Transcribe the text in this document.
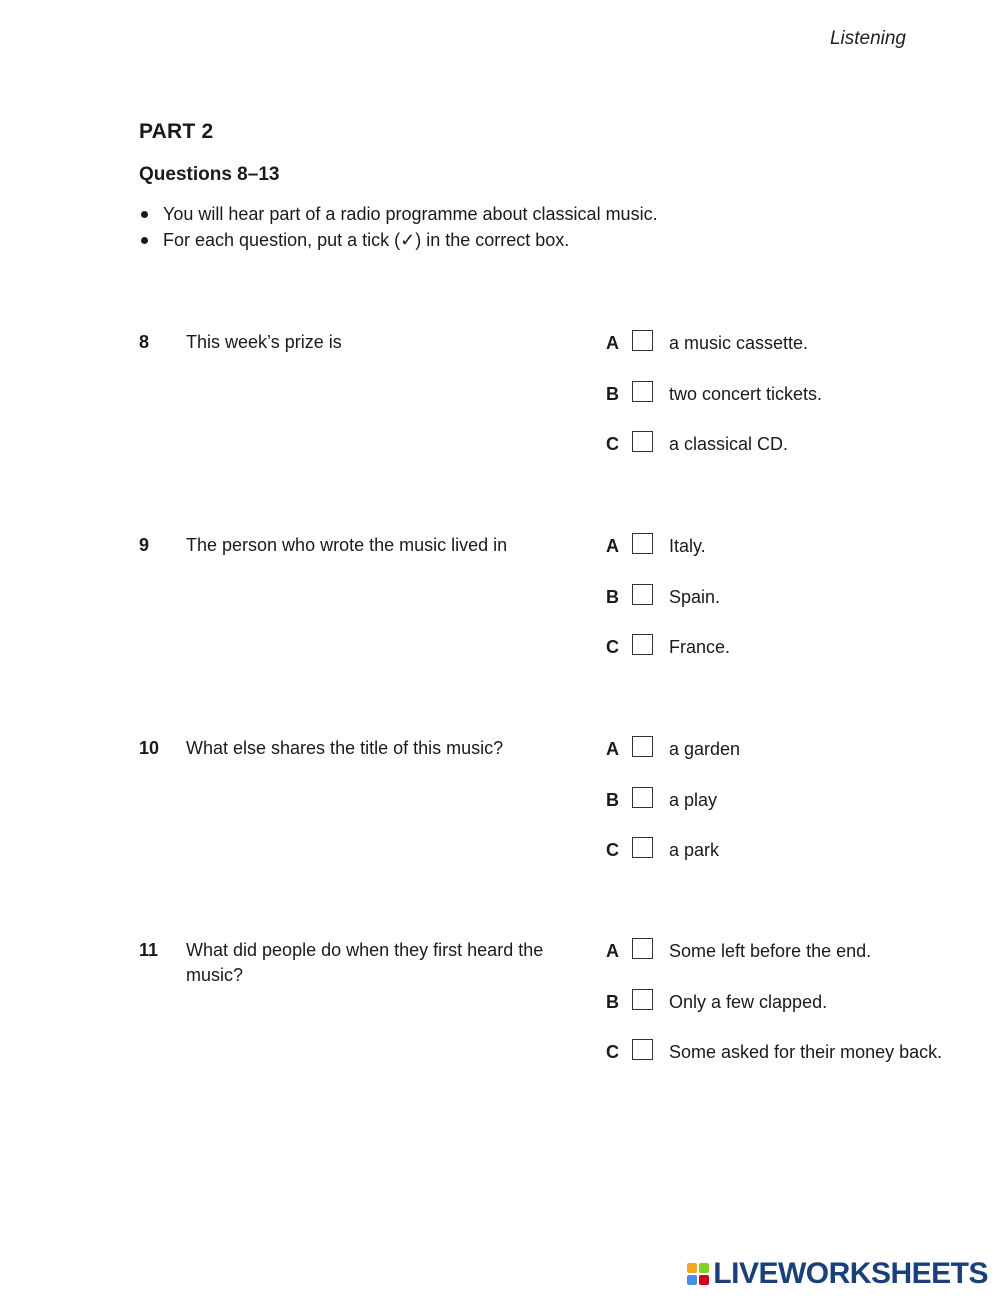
Listening
PART 2
Questions 8–13
You will hear part of a radio programme about classical music.
For each question, put a tick (✓) in the correct box.
8	This week’s prize is	A	a music cassette.
B	two concert tickets.
C	a classical CD.
9	The person who wrote the music lived in	A	Italy.
B	Spain.
C	France.
10	What else shares the title of this music?	A	a garden
B	a play
C	a park
11	What did people do when they first heard the music?
A	Some left before the end.
B	Only a few clapped.
C	Some asked for their money back.
LIVEWORKSHEETS
